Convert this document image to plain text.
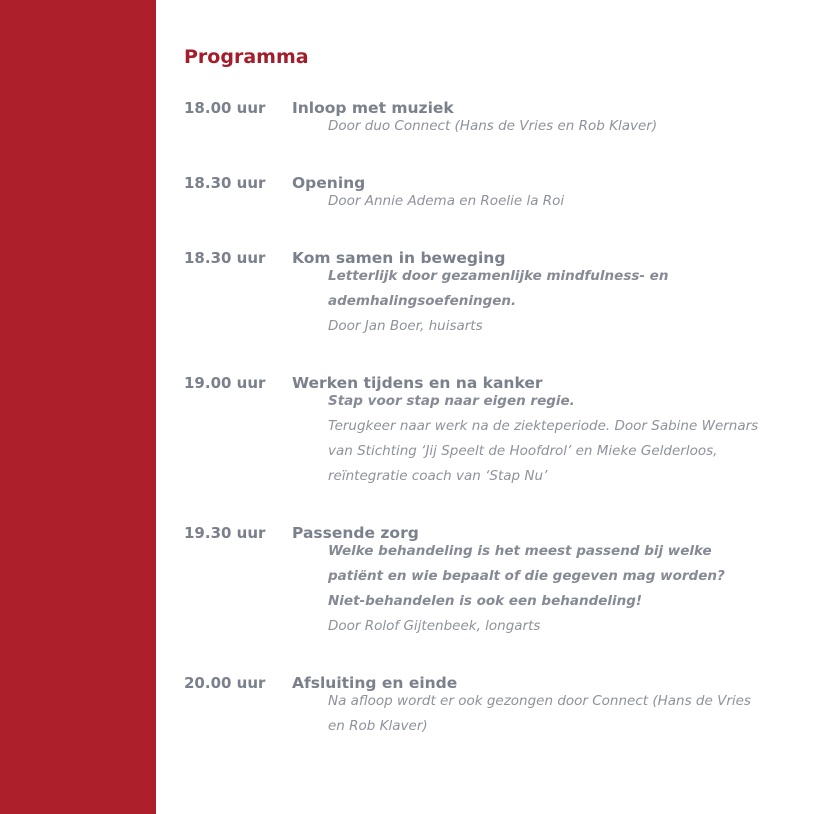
Programma
18.00 uur	Inloop met muziek
Door duo Connect (Hans de Vries en Rob Klaver)
18.30 uur	Opening
Door Annie Adema en Roelie la Roi
18.30 uur	Kom samen in beweging
Letterlijk door gezamenlijke mindfulness- en
ademhalingsoefeningen.
Door Jan Boer, huisarts
19.00 uur	Werken tijdens en na kanker
Stap voor stap naar eigen regie.
Terugkeer naar werk na de ziekteperiode. Door Sabine Wernars
van Stichting ‘Jij Speelt de Hoofdrol’ en Mieke Gelderloos,
reïntegratie coach van ‘Stap Nu’
19.30 uur	Passende zorg
Welke behandeling is het meest passend bij welke
patiënt en wie bepaalt of die gegeven mag worden?
Niet-behandelen is ook een behandeling!
Door Rolof Gijtenbeek, longarts
20.00 uur	Afsluiting en einde
Na afloop wordt er ook gezongen door Connect (Hans de Vries
en Rob Klaver)
